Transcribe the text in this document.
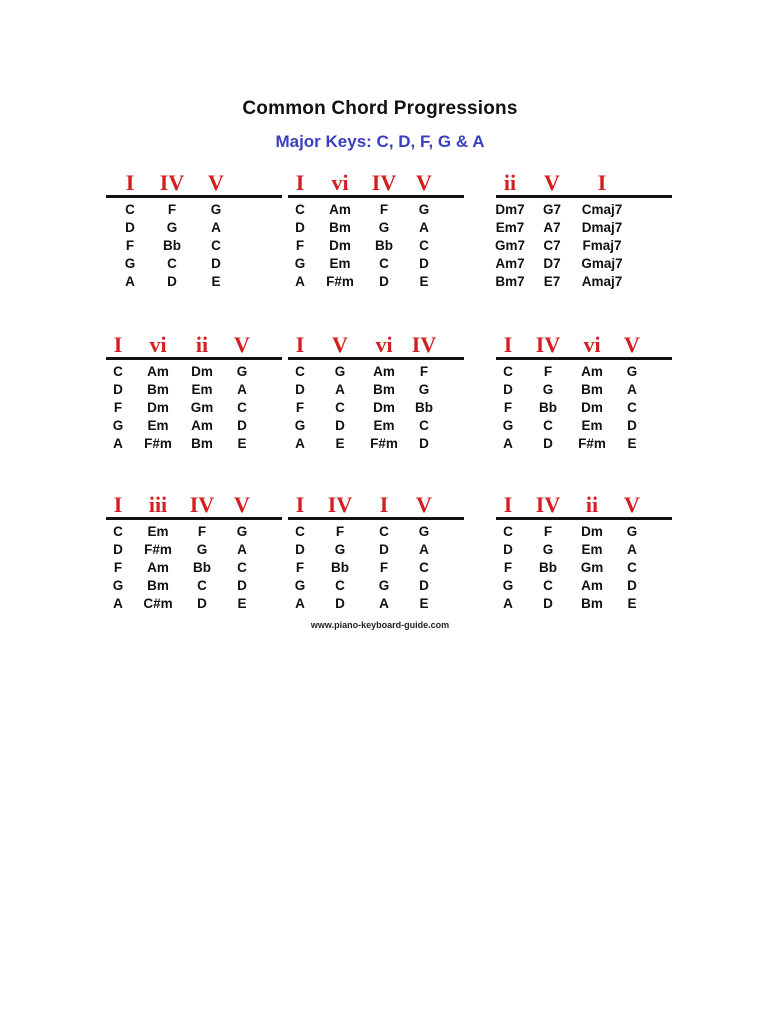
Common Chord Progressions
Major Keys: C, D, F, G & A
I IV V
C F	G
D G	A
F Bb C
G C	D
A D	E
I vi IV V
C Am F G
D Bm G A
F Dm Bb C
G Em C D
A F#m D E
ii V I
Dm7 G7 Cmaj7
Em7 A7 Dmaj7
Gm7 C7 Fmaj7
Am7 D7 Gmaj7
Bm7 E7 Amaj7
I vi ii V
C Am Dm G
D Bm Em A
F Dm Gm C
G Em Am D
A F#m Bm E
I V vi IV
C G Am F
D A Bm G
F C Dm Bb
G D Em C
A E F#m D
I IV vi V
C F Am G
D G Bm A
F Bb Dm C
G C Em D
A D F#m E
I iii IV V
C Em F G
D F#m G A
F Am Bb C
G Bm C D
A C#m D E
I IV I V
C F	C G
D G	D A
F Bb F C
G C	G D
A D	A E
I IV ii V
C F Dm G
D G Em A
F Bb Gm C
G C Am D
A D Bm E
www.piano-keyboard-guide.com
